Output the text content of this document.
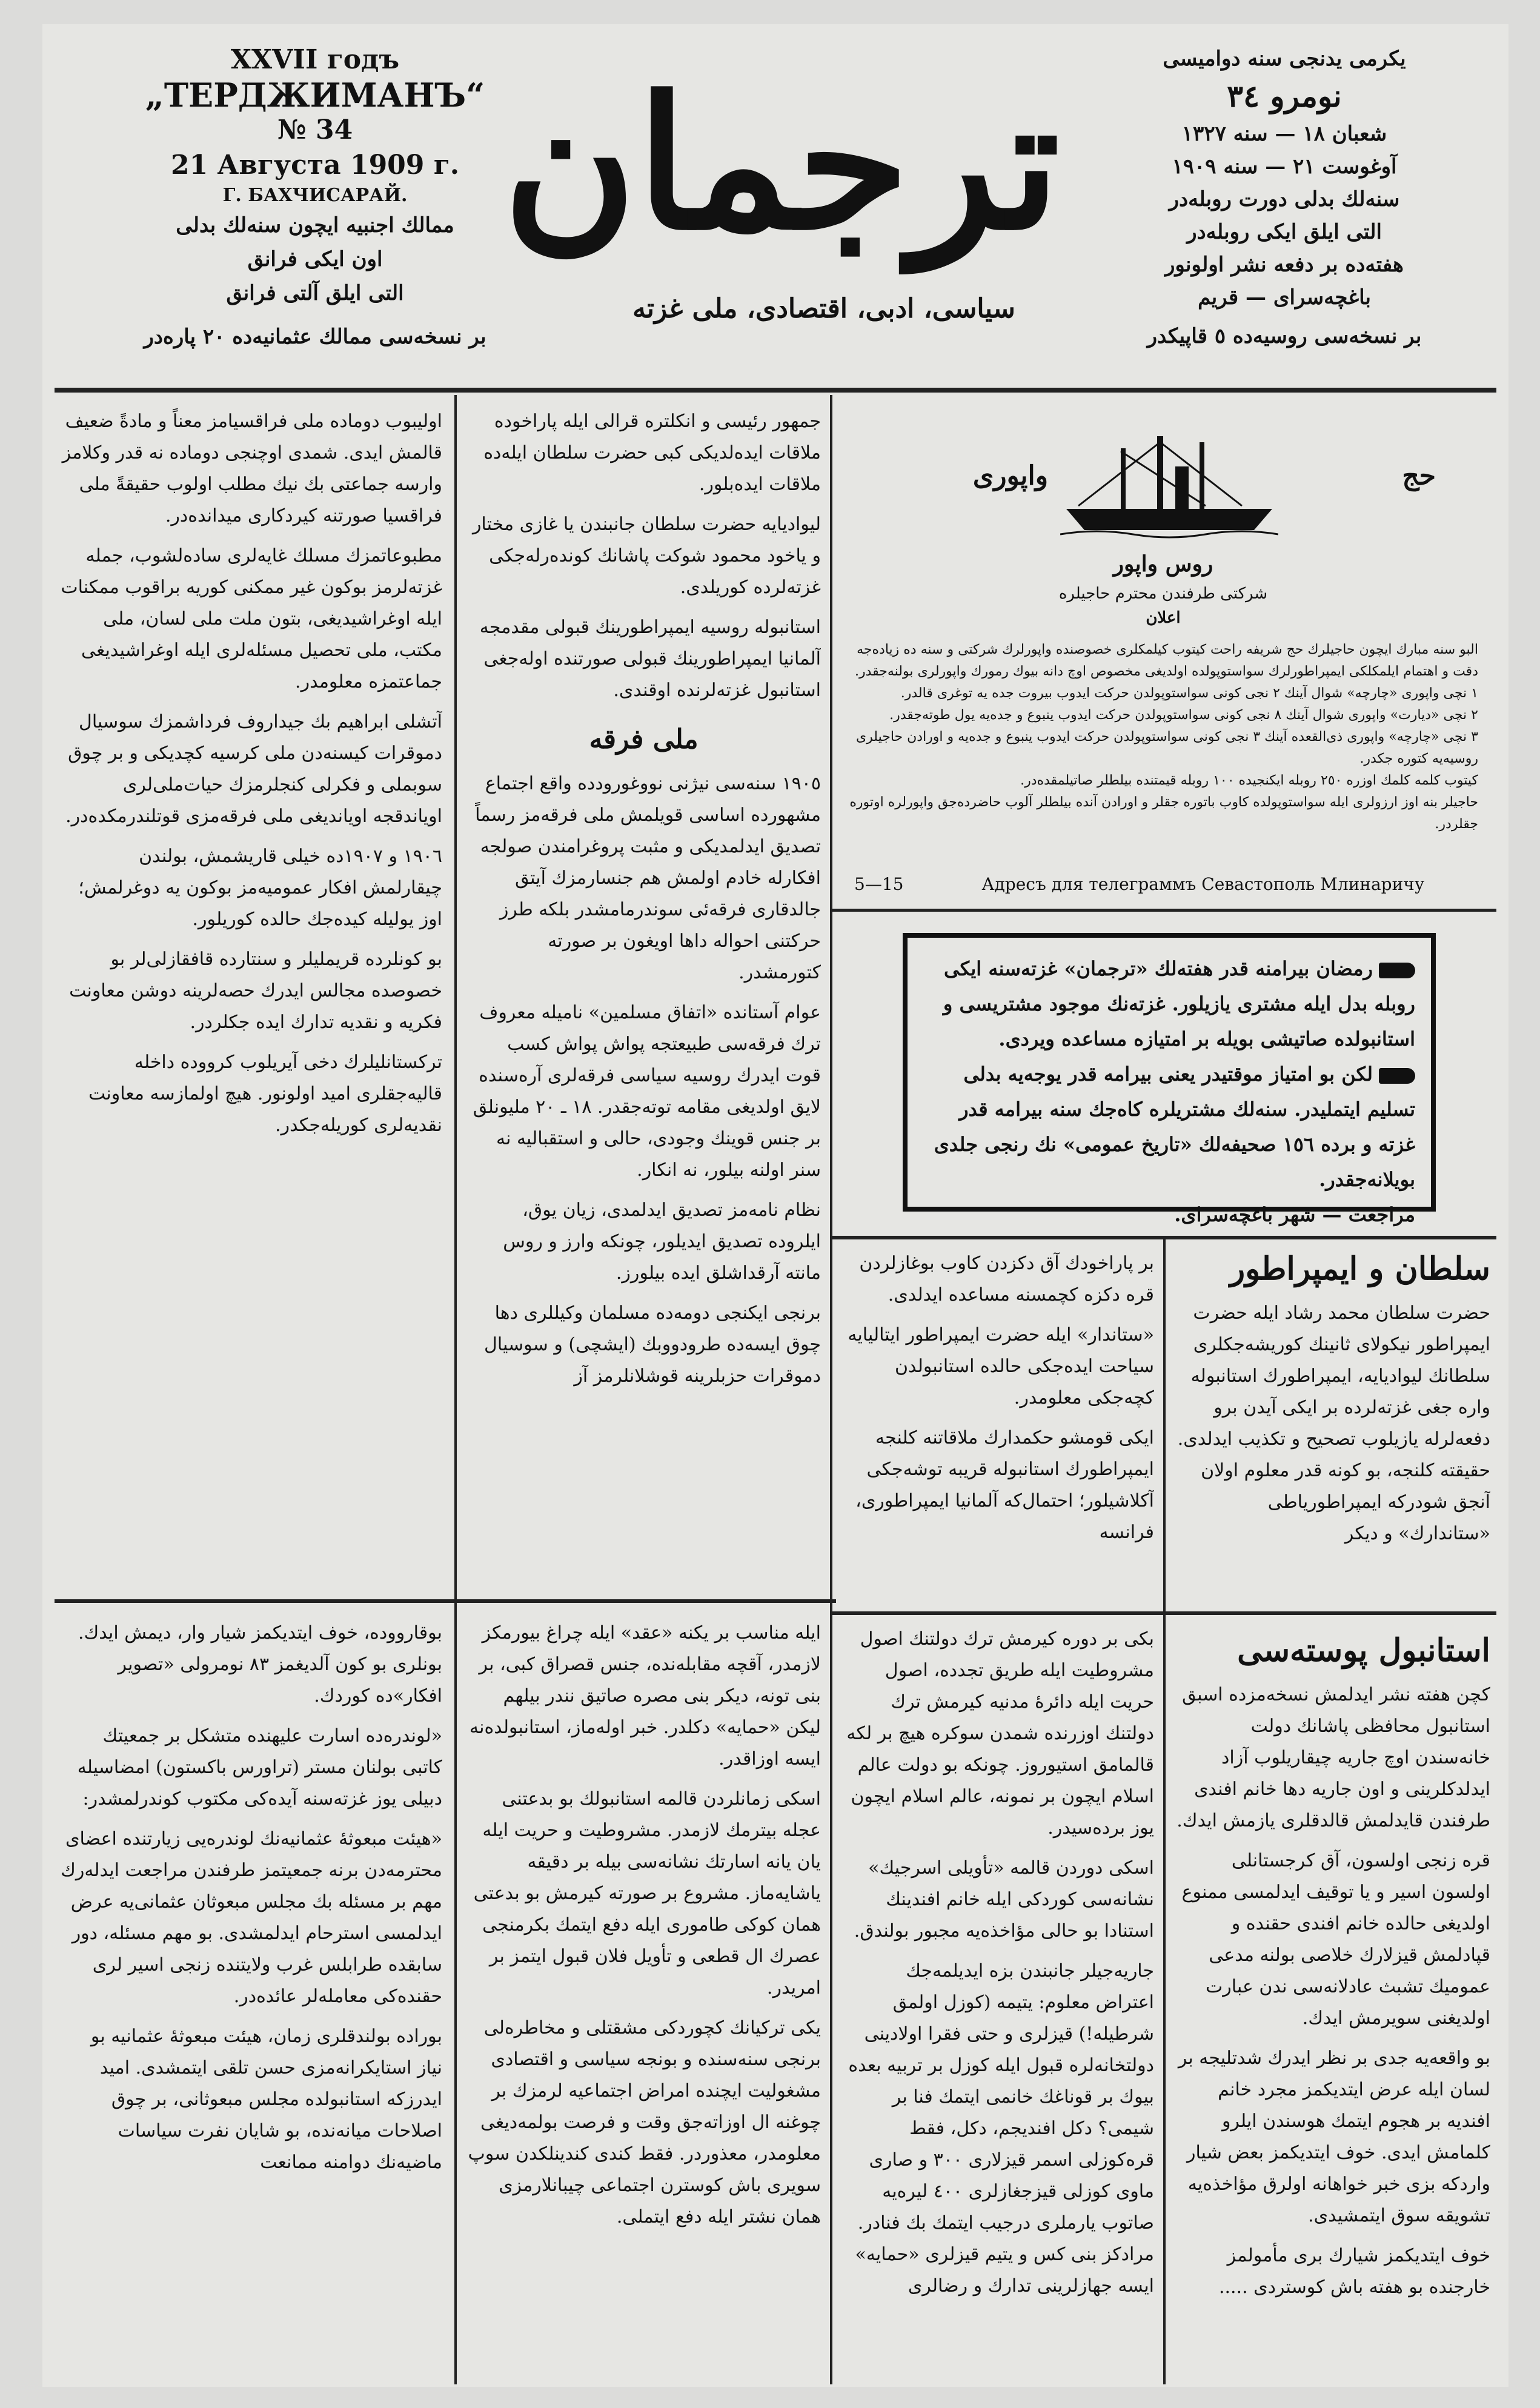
XXVII годъ
„ТЕРДЖИМАНЪ“
№ 34
21 Августа 1909 г.
Г. БАХЧИСАРАЙ.
ممالك اجنبيه ايچون سنه‌لك بدلى
اون ايكى فرانق
التى ايلق آلتى فرانق
بر نسخه‌سى ممالك عثمانيه‌ده ٢٠ پاره‌در
ترجمان
سياسى، ادبى، اقتصادى، ملى غزته
يكرمى يدنجى سنه دواميسى
نومرو ٣٤
شعبان ١٨ — سنه ١٣٢٧
آوغوست ٢١ — سنه ١٩٠٩
سنه‌لك بدلى دورت روبله‌در
التى ايلق ايكى روبله‌در
هفته‌ده بر دفعه نشر اولونور
باغچه‌سراى — قريم
بر نسخه‌سى روسيه‌ده ٥ قاپيكدر

اوليبوب دوماده ملى فراقسيامز معناً و مادةً ضعيف قالمش ايدى. شمدى اوچنجى دوماده نه قدر وكلامز وارسه جماعتى بك نيك مطلب اولوب حقيقةً ملى فراقسيا صورتنه كيردكارى ميدانده‌در.

مطبوعاتمزك مسلك غايه‌لرى ساده‌لشوب، جمله غزته‌لرمز بوكون غير ممكنى كوريه براقوب ممكنات ايله اوغراشيديغى، بتون ملت ملى لسان، ملى مكتب، ملى تحصيل مسئله‌لرى ايله اوغراشيديغى جماعتمزه معلومدر.

آتشلى ابراهيم بك جيداروف فرداشمزك سوسيال دموقرات كيسنه‌دن ملى كرسيه كچديكى و بر چوق سوبملى و فكرلى كنجلرمزك حيات‌ملى‌لرى اوياندقجه اويانديغى ملى فرقه‌مزى قوتلندرمكده‌در.

١٩٠٦ و ١٩٠٧ده خيلى قاريشمش، بولندن چيقارلمش افكار عموميه‌مز بوكون يه دوغرلمش؛ اوز يوليله كيده‌جك حالده كوريلور.

بو كونلرده قريمليلر و سنتارده قافقازلى‌لر بو خصوصده مجالس ايدرك حصه‌لرينه دوشن معاونت فكريه و نقديه تدارك ايده جكلردر.

تركستانليلرك دخى آيريلوب كرووده داخله قاليه‌جقلرى اميد اولونور. هيچ اولمازسه معاونت نقديه‌لرى كوريله‌جكدر.

جمهور رئيسى و انكلتره قرالى ايله پاراخوده ملاقات ايده‌لديكى كبى حضرت سلطان ايله‌ده ملاقات ايده‌بلور.

ليواديايه حضرت سلطان جانبندن يا غازى مختار و ياخود محمود شوكت پاشانك كونده‌رله‌جكى غزته‌لرده كوريلدى.

استانبوله روسيه ايمپراطورينك قبولى مقدمجه آلمانيا ايمپراطورينك قبولى صورتنده اوله‌جغى استانبول غزته‌لرنده اوقندى.

ملى فرقه

١٩٠٥ سنه‌سى نيژنى نووغورودده واقع اجتماع مشهورده اساسى قويلمش ملى فرقه‌مز رسماً تصديق ايدلمديكى و مثبت پروغرامندن صولجه افكارله خادم اولمش هم جنسارمزك آيتق جالدقارى فرقه‌ئى سوندرمامشدر بلكه طرز حركتنى احواله داها اويغون بر صورته كتورمشدر.

عوام آستانده «اتفاق مسلمين» ناميله معروف ترك فرقه‌سى طبيعتجه پواش پواش كسب قوت ايدرك روسيه سياسى فرقه‌لرى آره‌سنده لايق اولديغى مقامه توته‌جقدر. ١٨ ـ ٢٠ مليونلق بر جنس قوينك وجودى، حالى و استقباليه نه سنر اولنه بيلور، نه انكار.

نظام نامه‌مز تصديق ايدلمدى، زيان يوق، ايلروده تصديق ايديلور، چونكه وارز و روس مانته آرقداشلق ايده بيلورز.

برنجى ايكنجى دومه‌ده مسلمان وكيللرى دها چوق ايسه‌ده طرودووبك (ايشچى) و سوسيال دموقرات حزبلرينه قوشلانلرمز آز

حج
واپورى
روس واپور
شركتى طرفندن محترم حاجيلره
اعلان
البو سنه مبارك ايچون حاجيلرك حج شريفه راحت كيتوب كيلمكلرى خصوصنده واپورلرك شركتى و سنه ده زياده‌جه دقت و اهتمام ايلمكلكى ايمپراطورلرك سواستوپولده اولديغى مخصوص اوچ دانه بيوك رمورك واپورلرى بولنه‌جقدر.
١ نچى واپورى «چارچه» شوال آينك ٢ نجى كونى سواستوپولدن حركت ايدوب بيروت جده يه توغرى قالدر.
٢ نچى «ديارت» واپورى شوال آينك ٨ نجى كونى سواستوپولدن حركت ايدوب ينبوع و جده‌يه يول طوته‌جقدر.
٣ نچى «چارچه» واپورى ذى‌القعده آينك ٣ نجى كونى سواستوپولدن حركت ايدوب ينبوع و جده‌يه و اورادن حاجيلرى روسيه‌يه كتوره جكدر.
كيتوب كلمه كلمك اوزره ٢٥٠ روبله ايكنجيده ١٠٠ روبله قيمتنده بيلطلر صاتيلمقده‌در.
حاجيلر بنه اوز ارزولرى ايله سواستوپولده كاوب باتوره جقلر و اورادن آنده بيلطلر آلوب حاضرده‌جق واپورلره اوتوره جقلردر.
5—15	Адресъ для телеграммъ Севастополь Млинаричу
رمضان بيرامنه قدر هفته‌لك «ترجمان» غزته‌سنه ايكى روبله بدل ايله مشترى يازيلور. غزته‌نك موجود مشتريسى و استانبولده صاتيشى بويله بر امتيازه مساعده ويردى.
لكن بو امتياز موقتيدر يعنى بيرامه قدر يوجه‌يه بدلى تسليم ايتمليدر. سنه‌لك مشتريلره كاه‌جك سنه بيرامه قدر غزته و برده ١٥٦ صحيفه‌لك «تاريخ عمومى» نك رنجى جلدى بويلانه‌جقدر.
مراجعت — شهر باغچه‌سراى.
سلطان و ايمپراطور

حضرت سلطان محمد رشاد ايله حضرت ايمپراطور نيكولاى ثانينك كوريشه‌جكلرى سلطانك ليواديايه، ايمپراطورك استانبوله واره جغى غزته‌لرده بر ايكى آيدن برو دفعه‌لرله يازيلوب تصحيح و تكذيب ايدلدى. حقيقته كلنجه، بو كونه قدر معلوم اولان آنجق شودركه ايمپراطورياطى «ستاندارك» و ديكر

بر پاراخودك آق دكزدن كاوب بوغازلردن قره دكزه كچمسنه مساعده ايدلدى.

«ستاندار» ايله حضرت ايمپراطور ايتاليايه سياحت ايده‌جكى حالده استانبولدن كچه‌جكى معلومدر.

ايكى قومشو حكمدارك ملاقاتنه كلنجه ايمپراطورك استانبوله قريبه توشه‌جكى آكلاشيلور؛ احتمال‌كه آلمانيا ايمپراطورى، فرانسه

استانبول پوسته‌سى

كچن هفته نشر ايدلمش نسخه‌مزده اسبق استانبول محافظى پاشانك دولت خانه‌سندن اوچ جاريه چيقاريلوب آزاد ايدلدكلرينى و اون جاريه دها خانم افندى طرفندن قايدلمش قالدقلرى يازمش ايدك.

قره زنجى اولسون، آق كرجستانلى اولسون اسير و يا توقيف ايدلمسى ممنوع اولديغى حالده خانم افندى حقنده و قپادلمش قيزلارك خلاصى بولنه مدعى عموميك تشبث عادلانه‌سى ندن عبارت اولديغنى سويرمش ايدك.

بو واقعه‌يه جدى بر نظر ايدرك شدتليجه بر لسان ايله عرض ايتديكمز مجرد خانم افنديه بر هجوم ايتمك هوسندن ايلرو كلمامش ايدى. خوف ايتديكمز بعض شيار واردكه بزى خبر خواهانه اولرق مؤاخذه‌يه تشويقه سوق ايتمشيدى.

خوف ايتديكمز شيارك برى مأمولمز خارجنده بو هفته باش كوستردى .....

بكى بر دوره كيرمش ترك دولتنك اصول مشروطيت ايله طريق تجدده، اصول حريت ايله دائرهٔ مدنيه كيرمش ترك دولتنك اوزرنده شمدن سوكره هيچ بر لكه قالمامق استيوروز. چونكه بو دولت عالم اسلام ايچون بر نمونه، عالم اسلام ايچون يوز برده‌سيدر.

اسكى دوردن قالمه «تأويلى اسرجيك» نشانه‌سى كوردكى ايله خانم افندينك استنادا بو حالى مؤاخذه‌يه مجبور بولندق.

جاريه‌جيلر جانبندن بزه ايديلمه‌جك اعتراض معلوم: يتيمه (كوزل اولمق شرطيله!) قيزلرى و حتى فقرا اولادينى دولتخانه‌لره قبول ايله كوزل بر تربيه بعده بيوك بر قوناغك خانمى ايتمك فنا بر شيمى؟ دكل افنديجم، دكل، فقط قره‌كوزلى اسمر قيزلارى ٣٠٠ و صارى ماوى كوزلى قيزجغازلرى ٤٠٠ ليره‌يه صاتوب يارملرى درجيب ايتمك بك فنادر. مرادكز بنى كس و يتيم قيزلرى «حمايه» ايسه جهازلرينى تدارك و رضالرى

ايله مناسب بر يكنه «عقد» ايله چراغ بيورمكز لازمدر، آقچه مقابله‌نده، جنس قصراق كبى، بر بنى تونه، ديكر بنى مصره صاتيق نندر بيلهم ليكن «حمايه» دكلدر. خبر اوله‌ماز، استانبولده‌نه ايسه اوزاقدر.

اسكى زمانلردن قالمه استانبولك بو بدعتنى عجله بيترمك لازمدر. مشروطيت و حريت ايله يان يانه اسارتك نشانه‌سى بيله بر دقيقه ياشايه‌ماز. مشروع بر صورته كيرمش بو بدعتى همان كوكى طامورى ايله دفع ايتمك بكرمنجى عصرك ال قطعى و تأويل فلان قبول ايتمز بر امريدر.

يكى تركيانك كچوردكى مشقتلى و مخاطره‌لى برنجى سنه‌سنده و بونجه سياسى و اقتصادى مشغوليت ايچنده امراض اجتماعيه لرمزك بر چوغنه ال اوزاته‌جق وقت و فرصت بولمه‌ديغى معلومدر، معذوردر. فقط كندى كندينلكدن سوپ سويرى باش كوسترن اجتماعى چيبانلارمزى همان نشتر ايله دفع ايتملى.

بوقارووده، خوف ايتديكمز شيار وار، ديمش ايدك. بونلرى بو كون آلديغمز ٨٣ نومرولى «تصوير افكار»ده كوردك.

«لوندره‌ده اسارت عليهنده متشكل بر جمعيتك كاتبى بولنان مستر (تراورس باكستون) امضاسيله دبيلى يوز غزته‌سنه آيده‌كى مكتوب كوندرلمشدر:

«هيئت مبعوثهٔ عثمانيه‌نك لوندره‌يى زيارتنده اعضاى محترمه‌دن برنه جمعيتمز طرفندن مراجعت ايدله‌رك مهم بر مسئله بك مجلس مبعوثان عثمانى‌يه عرض ايدلمسى استرحام ايدلمشدى. بو مهم مسئله، دور سابقده طرابلس غرب ولايتنده زنجى اسير لرى حقنده‌كى معامله‌لر عائده‌در.

بوراده بولندقلرى زمان، هيئت مبعوثهٔ عثمانيه بو نياز استايكرانه‌مزى حسن تلقى ايتمشدى. اميد ايدرزكه استانبولده مجلس مبعوثانى، بر چوق اصلاحات ميانه‌نده، بو شايان نفرت سياسات ماضيه‌نك دوامنه ممانعت
